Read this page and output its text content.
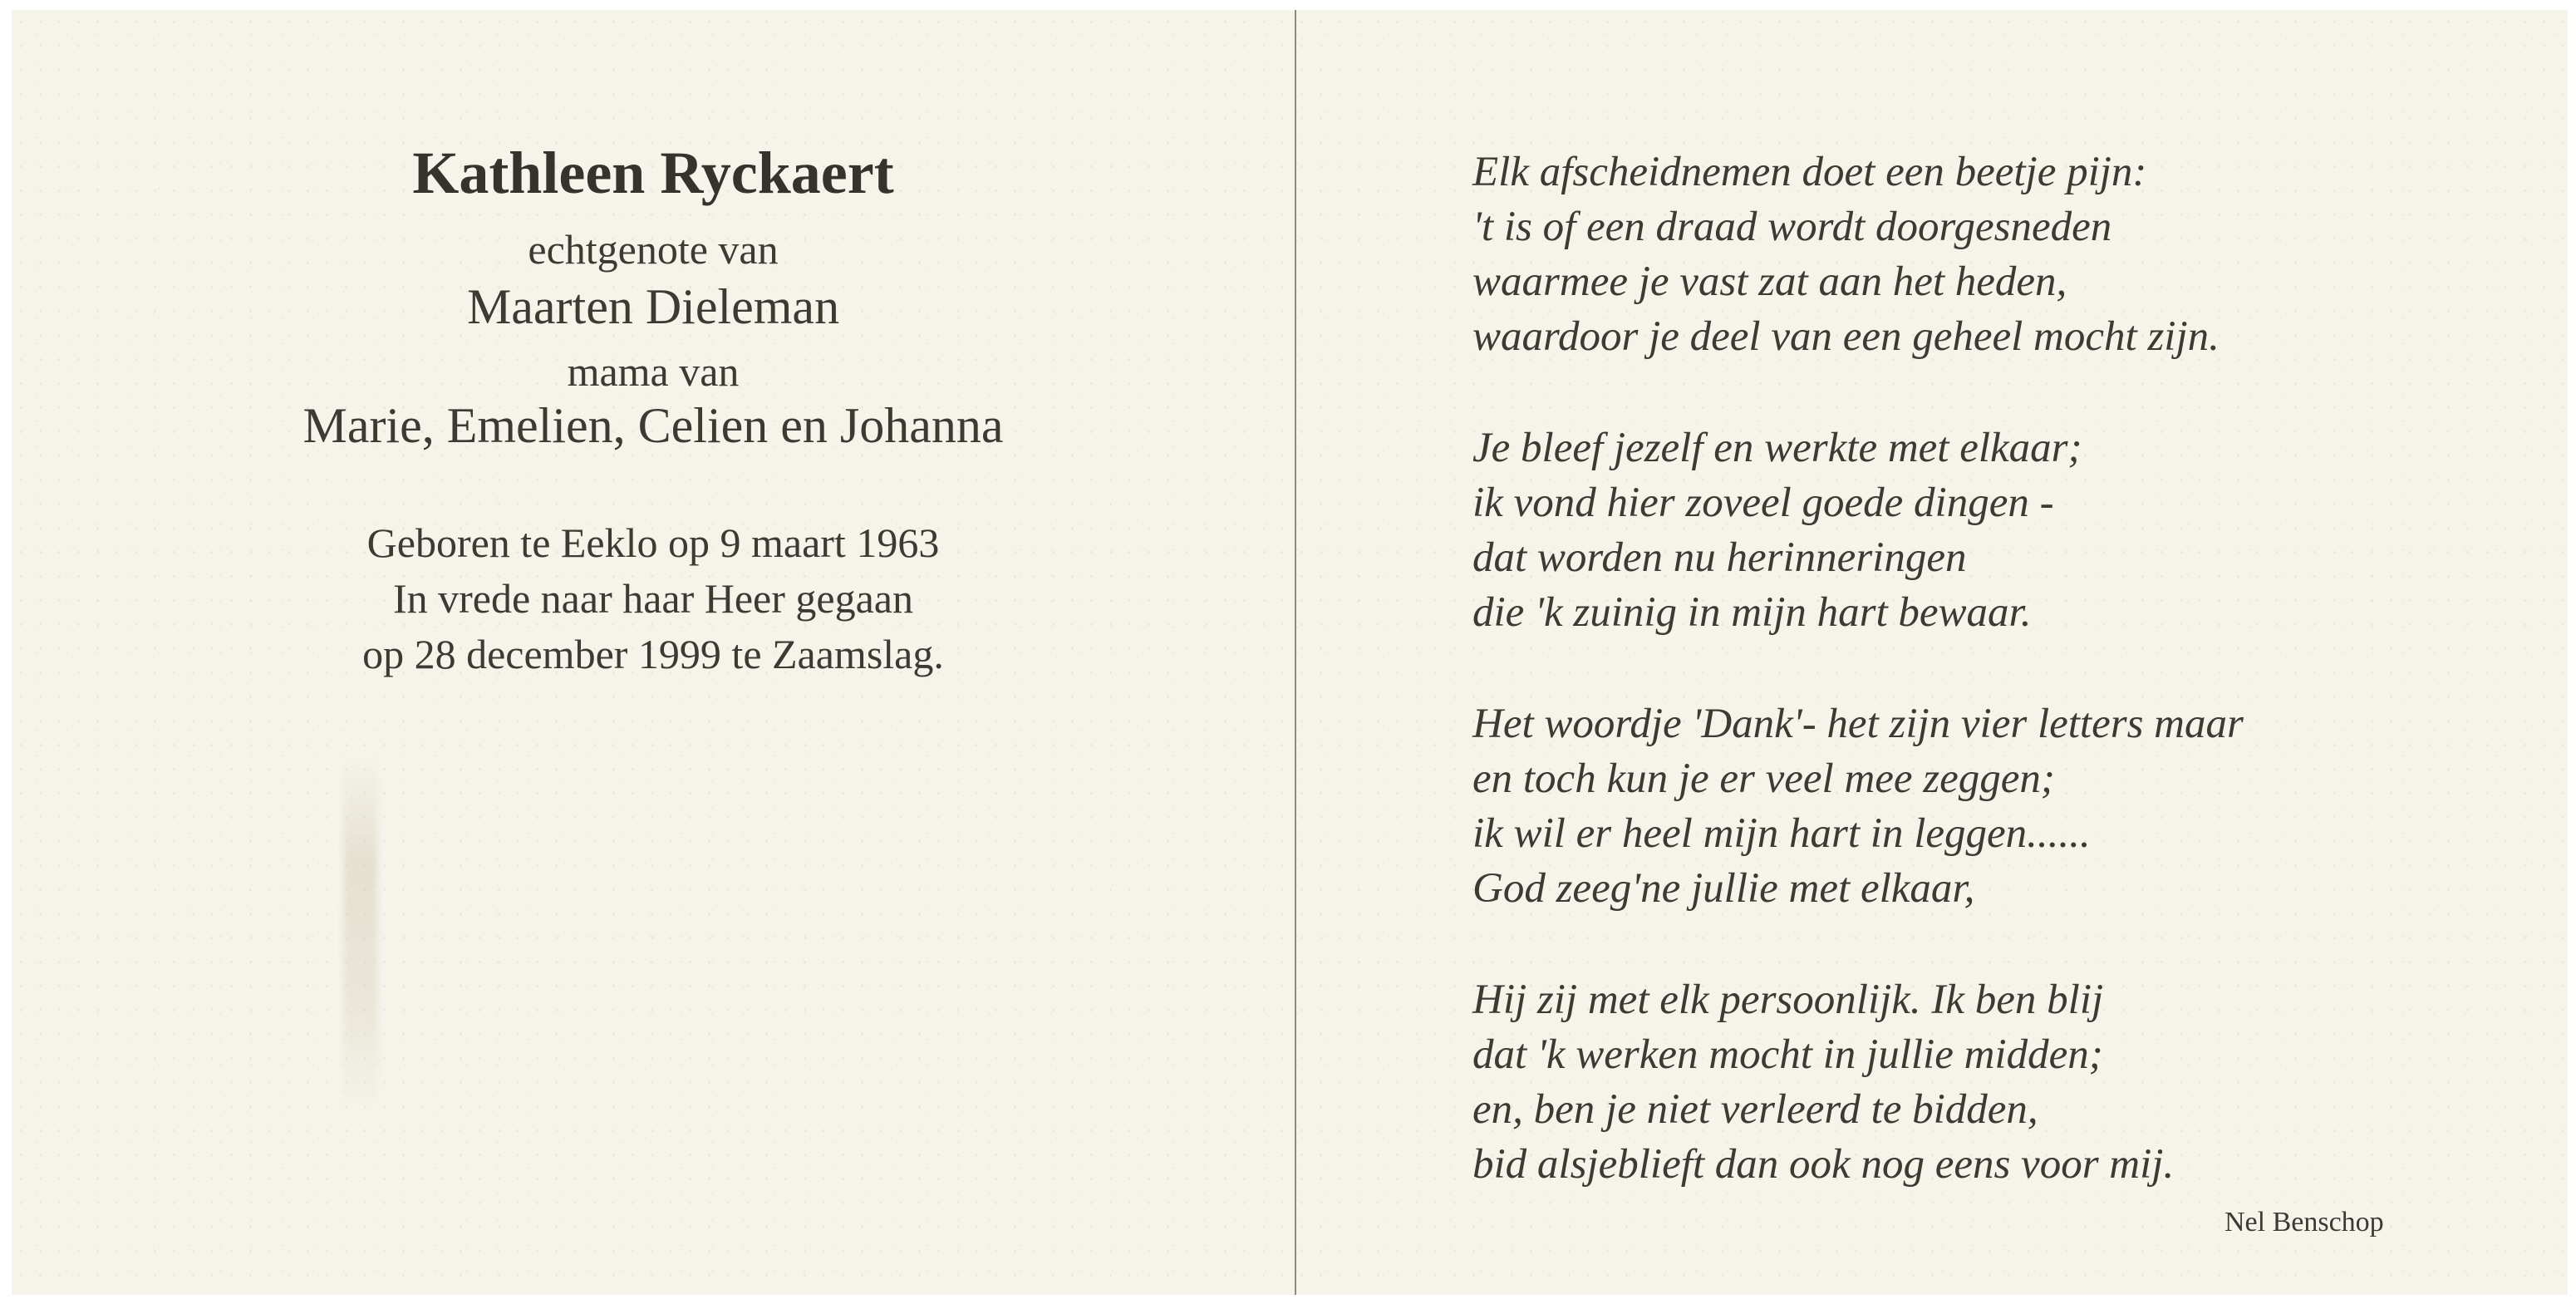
Kathleen Ryckaert
echtgenote van
Maarten Dieleman
mama van
Marie, Emelien, Celien en Johanna
Geboren te Eeklo op 9 maart 1963
In vrede naar haar Heer gegaan
op 28 december 1999 te Zaamslag.
Elk afscheidnemen doet een beetje pijn:
't is of een draad wordt doorgesneden
waarmee je vast zat aan het heden,
waardoor je deel van een geheel mocht zijn.
Je bleef jezelf en werkte met elkaar;
ik vond hier zoveel goede dingen -
dat worden nu herinneringen
die 'k zuinig in mijn hart bewaar.
Het woordje 'Dank'- het zijn vier letters maar
en toch kun je er veel mee zeggen;
ik wil er heel mijn hart in leggen......
God zeeg'ne jullie met elkaar,
Hij zij met elk persoonlijk. Ik ben blij
dat 'k werken mocht in jullie midden;
en, ben je niet verleerd te bidden,
bid alsjeblieft dan ook nog eens voor mij.
Nel Benschop
